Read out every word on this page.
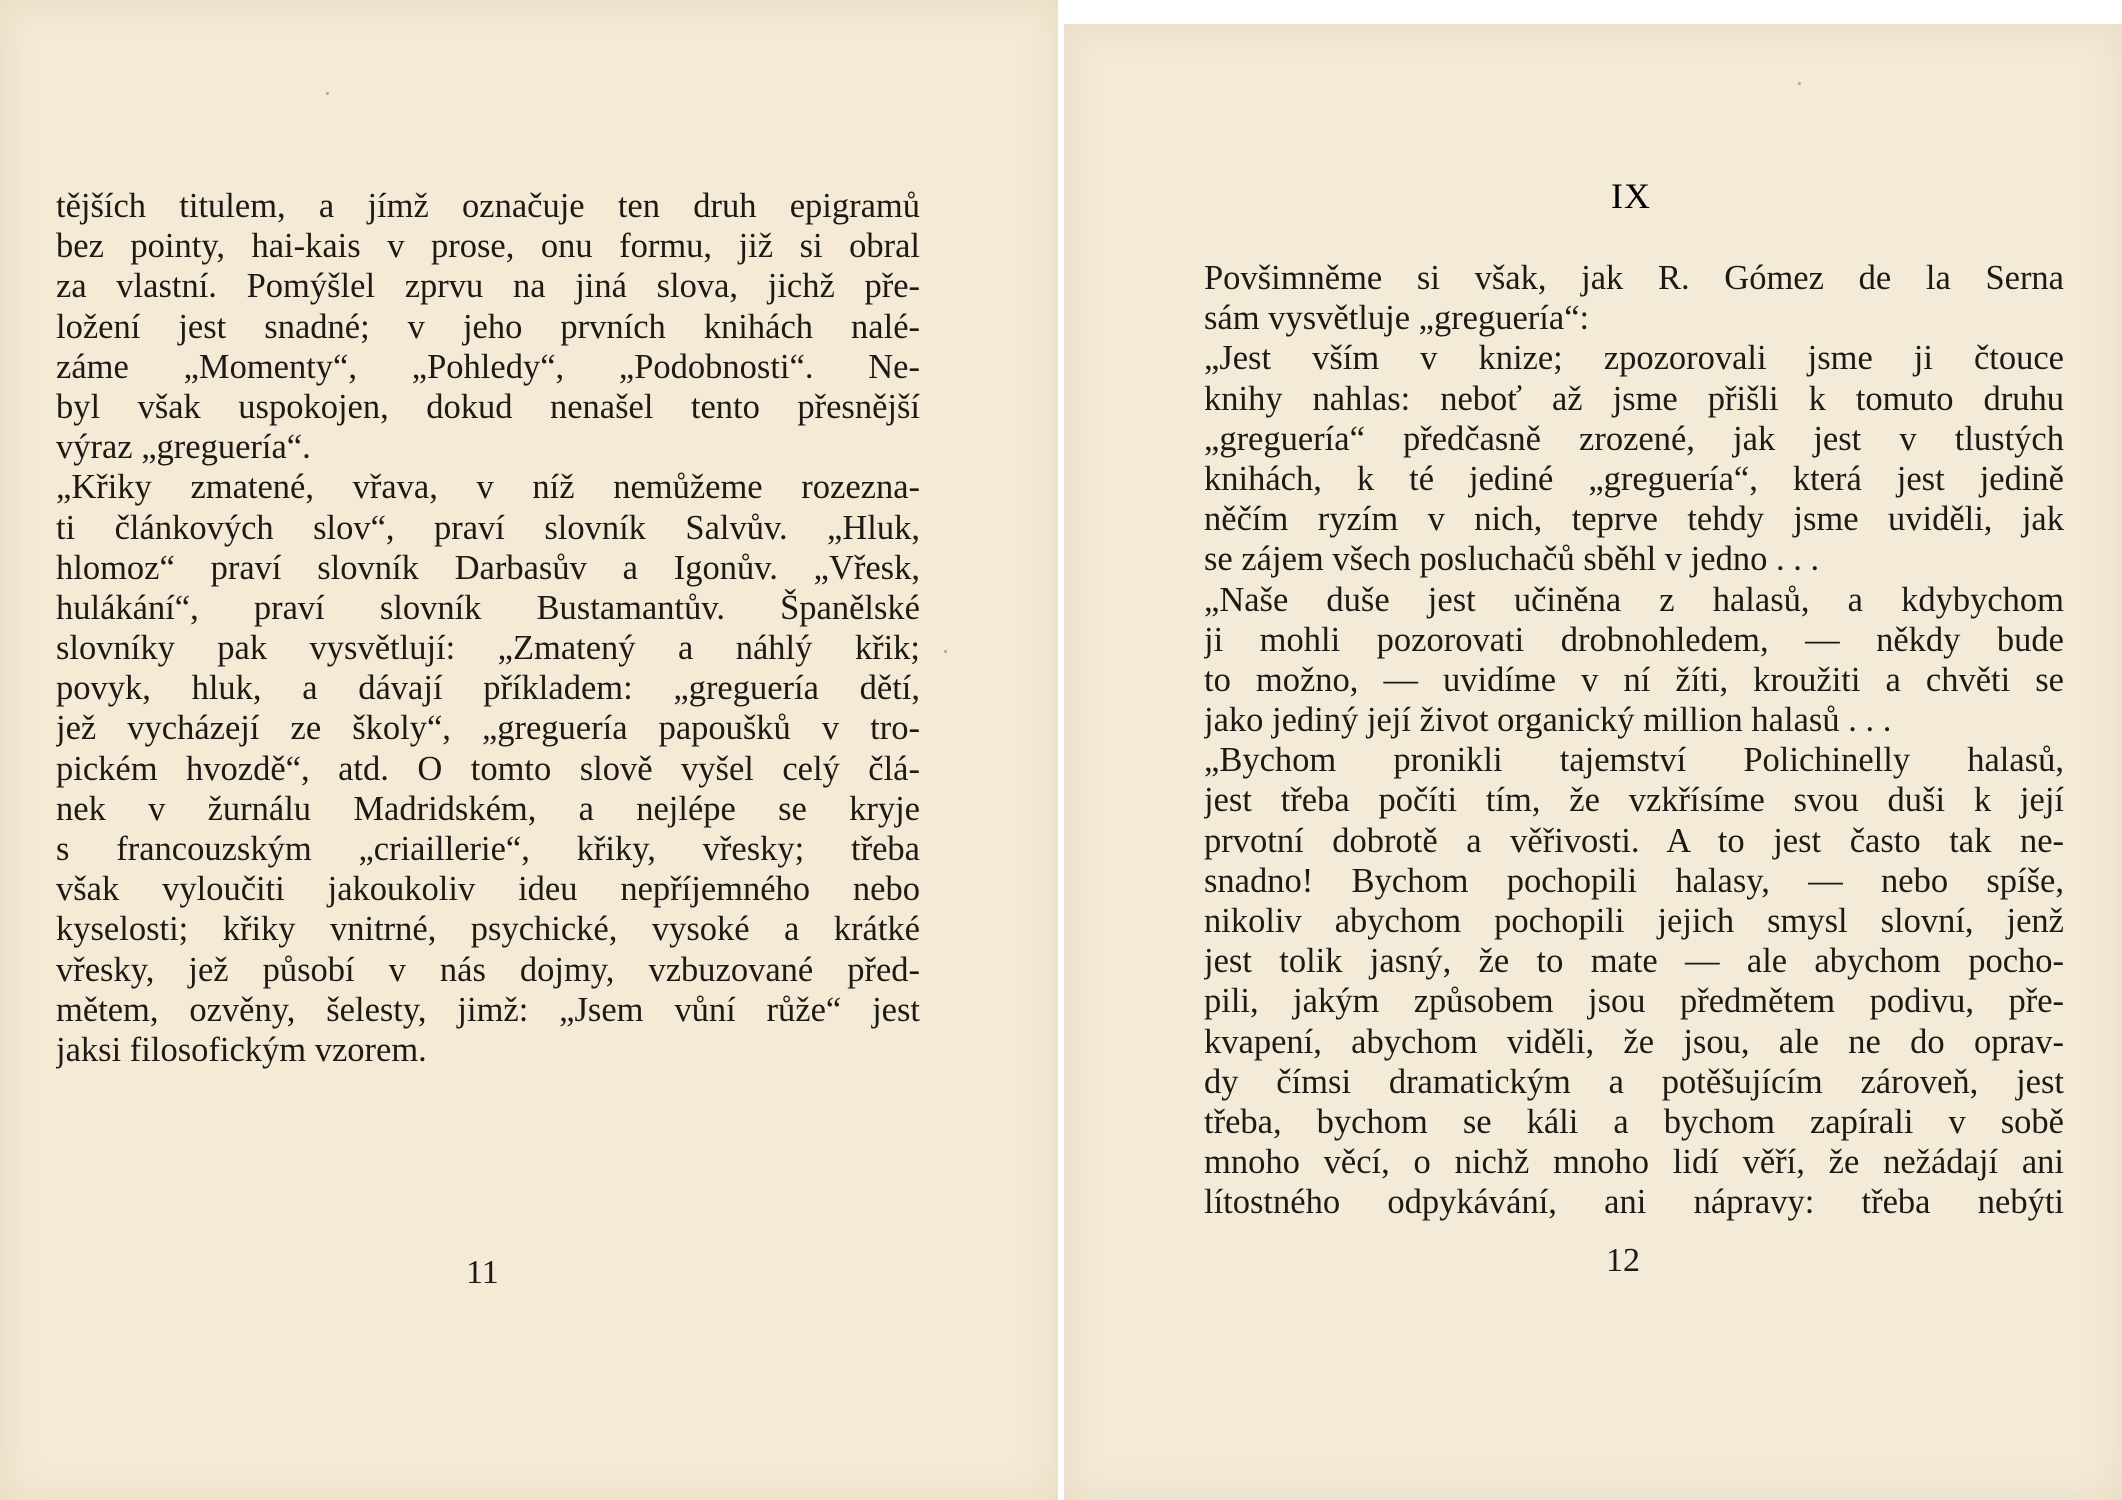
tějších titulem, a jímž označuje ten druh epigramů
bez pointy, hai-kais v prose, onu formu, již si obral
za vlastní. Pomýšlel zprvu na jiná slova, jichž pře-
ložení jest snadné; v jeho prvních knihách nalé-
záme „Momenty“, „Pohledy“, „Podobnosti“. Ne-
byl však uspokojen, dokud nenašel tento přesnější
výraz „greguería“.
„Křiky zmatené, vřava, v níž nemůžeme rozezna-
ti článkových slov“, praví slovník Salvův. „Hluk,
hlomoz“ praví slovník Darbasův a Igonův. „Vřesk,
hulákání“, praví slovník Bustamantův. Španělské
slovníky pak vysvětlují: „Zmatený a náhlý křik;
povyk, hluk, a dávají příkladem: „greguería dětí,
jež vycházejí ze školy“, „greguería papoušků v tro-
pickém hvozdě“, atd. O tomto slově vyšel celý člá-
nek v žurnálu Madridském, a nejlépe se kryje
s francouzským „criaillerie“, křiky, vřesky; třeba
však vyloučiti jakoukoliv ideu nepříjemného nebo
kyselosti; křiky vnitrné, psychické, vysoké a krátké
vřesky, jež působí v nás dojmy, vzbuzované před-
mětem, ozvěny, šelesty, jimž: „Jsem vůní růže“ jest
jaksi filosofickým vzorem.
11
Povšimněme si však, jak R. Gómez de la Serna
sám vysvětluje „greguería“:
„Jest vším v knize; zpozorovali jsme ji čtouce
knihy nahlas: neboť až jsme přišli k tomuto druhu
„greguería“ předčasně zrozené, jak jest v tlustých
knihách, k té jediné „greguería“, která jest jedině
něčím ryzím v nich, teprve tehdy jsme uviděli, jak
se zájem všech posluchačů sběhl v jedno . . .
„Naše duše jest učiněna z halasů, a kdybychom
ji mohli pozorovati drobnohledem, — někdy bude
to možno, — uvidíme v ní žíti, kroužiti a chvěti se
jako jediný její život organický million halasů . . .
„Bychom pronikli tajemství Polichinelly halasů,
jest třeba počíti tím, že vzkřísíme svou duši k její
prvotní dobrotě a věřivosti. A to jest často tak ne-
snadno! Bychom pochopili halasy, — nebo spíše,
nikoliv abychom pochopili jejich smysl slovní, jenž
jest tolik jasný, že to mate — ale abychom pocho-
pili, jakým způsobem jsou předmětem podivu, pře-
kvapení, abychom viděli, že jsou, ale ne do oprav-
dy čímsi dramatickým a potěšujícím zároveň, jest
třeba, bychom se káli a bychom zapírali v sobě
mnoho věcí, o nichž mnoho lidí věří, že nežádají ani
lítostného odpykávání, ani nápravy: třeba nebýti
12
IX
